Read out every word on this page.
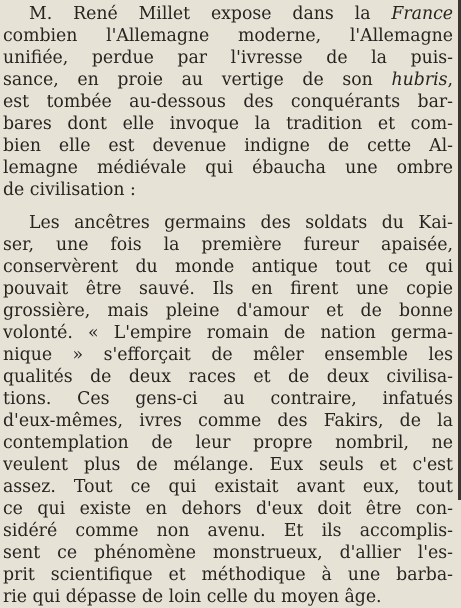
M. René Millet expose dans la France
combien l'Allemagne moderne, l'Allemagne
unifiée, perdue par l'ivresse de la puis-
sance, en proie au vertige de son hubris,
est tombée au-dessous des conquérants bar-
bares dont elle invoque la tradition et com-
bien elle est devenue indigne de cette Al-
lemagne médiévale qui ébaucha une ombre
de civilisation :
Les ancêtres germains des soldats du Kai-
ser, une fois la première fureur apaisée,
conservèrent du monde antique tout ce qui
pouvait être sauvé. Ils en firent une copie
grossière, mais pleine d'amour et de bonne
volonté. « L'empire romain de nation germa-
nique » s'efforçait de mêler ensemble les
qualités de deux races et de deux civilisa-
tions. Ces gens-ci au contraire, infatués
d'eux-mêmes, ivres comme des Fakirs, de la
contemplation de leur propre nombril, ne
veulent plus de mélange. Eux seuls et c'est
assez. Tout ce qui existait avant eux, tout
ce qui existe en dehors d'eux doit être con-
sidéré comme non avenu. Et ils accomplis-
sent ce phénomène monstrueux, d'allier l'es-
prit scientifique et méthodique à une barba-
rie qui dépasse de loin celle du moyen âge.
